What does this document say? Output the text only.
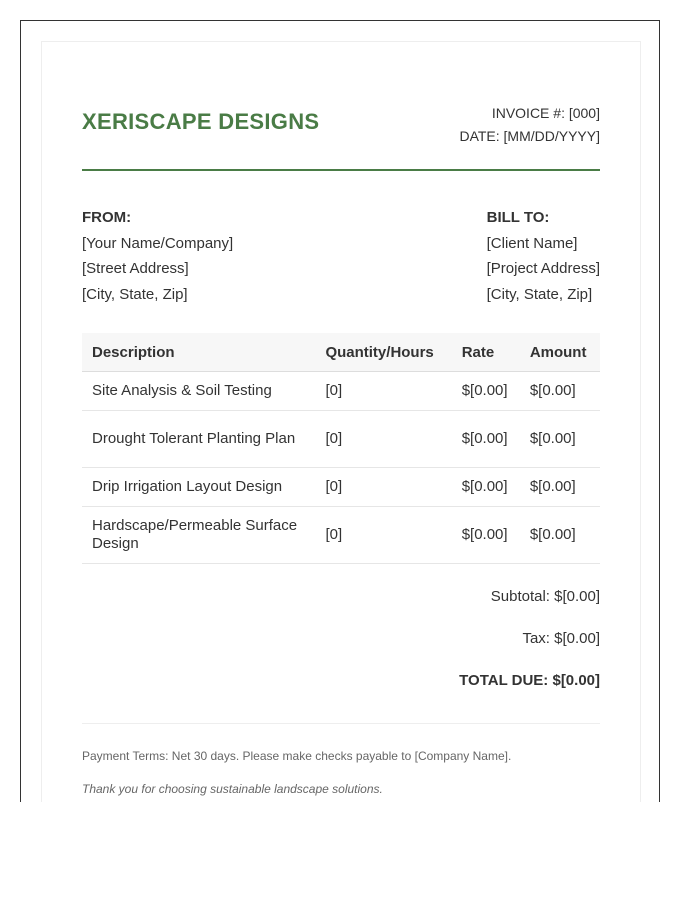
XERISCAPE DESIGNS	INVOICE #: [000]
DATE: [MM/DD/YYYY]
FROM:
[Your Name/Company]
[Street Address]
[City, State, Zip]
BILL TO:
[Client Name]
[Project Address]
[City, State, Zip]
Description	Quantity/Hours	Rate	Amount
Site Analysis & Soil Testing	[0]	$[0.00]	$[0.00]
Drought Tolerant Planting Plan	[0]	$[0.00]	$[0.00]
Drip Irrigation Layout Design	[0]	$[0.00]	$[0.00]
Hardscape/Permeable Surface Design	[0]	$[0.00]	$[0.00]
Subtotal: $[0.00]
Tax: $[0.00]
TOTAL DUE: $[0.00]
Payment Terms: Net 30 days. Please make checks payable to [Company Name].
Thank you for choosing sustainable landscape solutions.
